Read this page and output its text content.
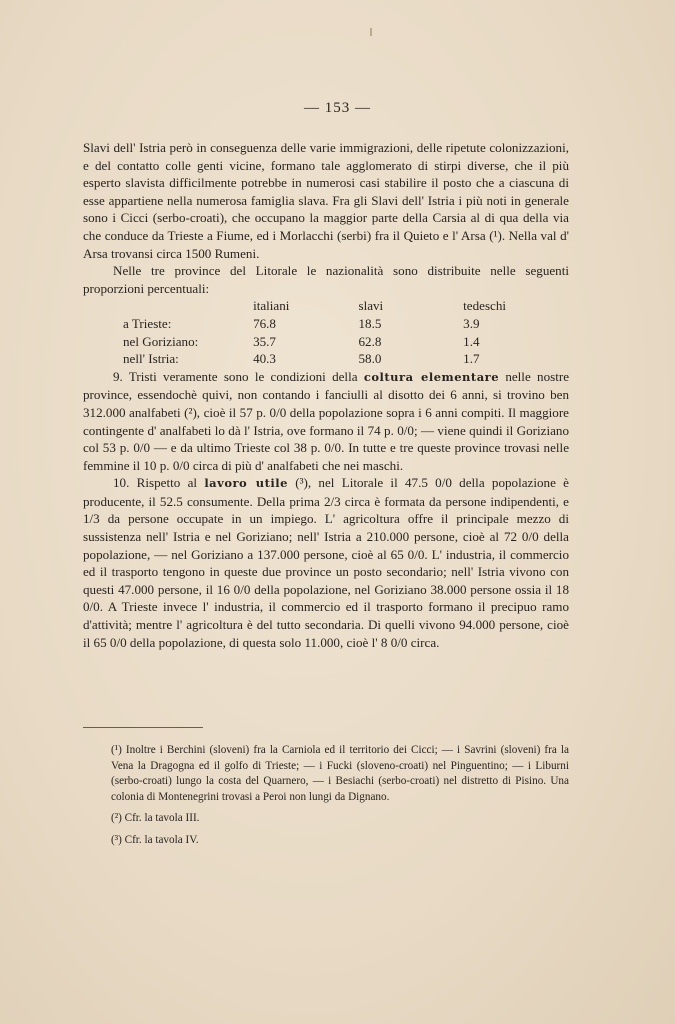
— 153 —

Slavi dell' Istria però in conseguenza delle varie immigrazioni, delle ripetute colonizzazioni, e del contatto colle genti vicine, formano tale agglomerato di stirpi diverse, che il più esperto slavista difficilmente potrebbe in numerosi casi stabilire il posto che a ciascuna di esse appartiene nella numerosa famiglia slava. Fra gli Slavi dell' Istria i più noti in generale sono i Cicci (serbo-croati), che occupano la maggior parte della Carsia al di qua della via che conduce da Trieste a Fiume, ed i Morlacchi (serbi) fra il Quieto e l' Arsa (¹). Nella val d' Arsa trovansi circa 1500 Rumeni.

Nelle tre province del Litorale le nazionalità sono distribuite nelle seguenti proporzioni percentuali:

	italiani	slavi	tedeschi
a Trieste:	76.8	18.5	3.9
nel Goriziano:	35.7	62.8	1.4
nell' Istria:	40.3	58.0	1.7

9. Tristi veramente sono le condizioni della coltura elementare nelle nostre province, essendochè quivi, non contando i fanciulli al disotto dei 6 anni, si trovino ben 312.000 analfabeti (²), cioè il 57 p. 0/0 della popolazione sopra i 6 anni compiti. Il maggiore contingente d' analfabeti lo dà l' Istria, ove formano il 74 p. 0/0; — viene quindi il Goriziano col 53 p. 0/0 — e da ultimo Trieste col 38 p. 0/0. In tutte e tre queste province trovasi nelle femmine il 10 p. 0/0 circa di più d' analfabeti che nei maschi.

10. Rispetto al lavoro utile (³), nel Litorale il 47.5 0/0 della popolazione è producente, il 52.5 consumente. Della prima 2/3 circa è formata da persone indipendenti, e 1/3 da persone occupate in un impiego. L' agricoltura offre il principale mezzo di sussistenza nell' Istria e nel Goriziano; nell' Istria a 210.000 persone, cioè al 72 0/0 della popolazione, — nel Goriziano a 137.000 persone, cioè al 65 0/0. L' industria, il commercio ed il trasporto tengono in queste due province un posto secondario; nell' Istria vivono con questi 47.000 persone, il 16 0/0 della popolazione, nel Goriziano 38.000 persone ossia il 18 0/0. A Trieste invece l' industria, il commercio ed il trasporto formano il precipuo ramo d'attività; mentre l' agricoltura è del tutto secondaria. Di quelli vivono 94.000 persone, cioè il 65 0/0 della popolazione, di questa solo 11.000, cioè l' 8 0/0 circa.

(¹) Inoltre i Berchini (sloveni) fra la Carniola ed il territorio dei Cicci; — i Savrini (sloveni) fra la Vena la Dragogna ed il golfo di Trieste; — i Fucki (sloveno-croati) nel Pinguentino; — i Liburni (serbo-croati) lungo la costa del Quarnero, — i Besiachi (serbo-croati) nel distretto di Pisino. Una colonia di Montenegrini trovasi a Peroi non lungi da Dignano.

(²) Cfr. la tavola III.

(³) Cfr. la tavola IV.
